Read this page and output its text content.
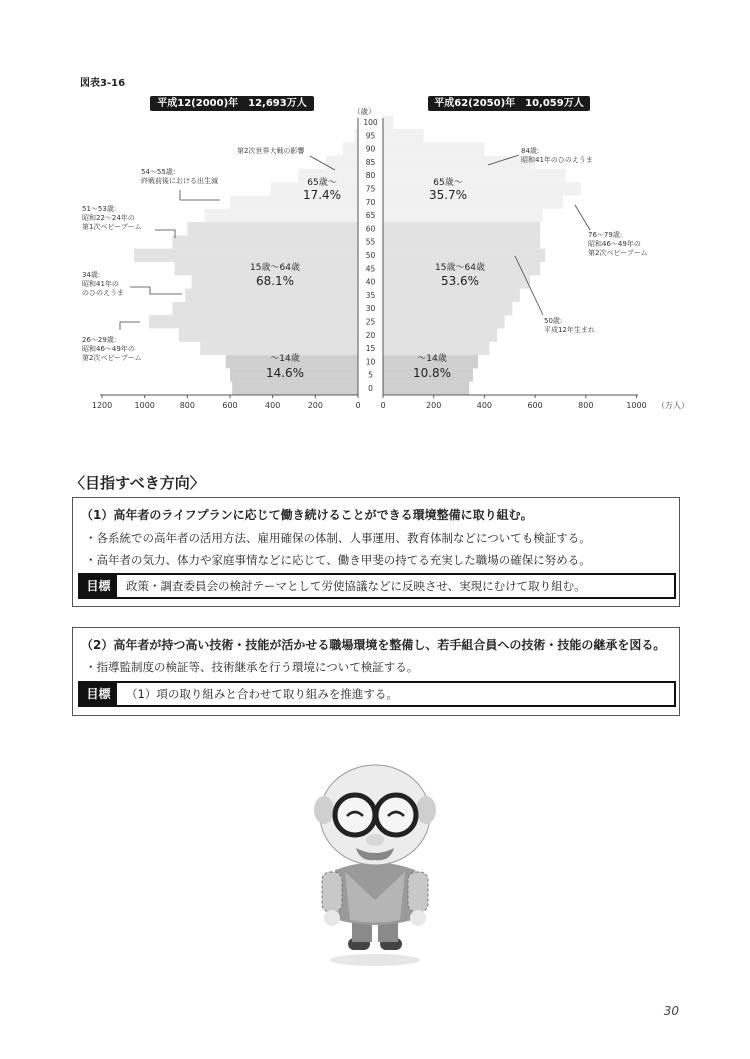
図表3-16
平成12(2000)年　12,693万人	平成62(2050)年　10,059万人
0
5
10
15
20
25
30
35
40
45
50
55
60
65
70
75
80
85
90
95
100
（歳）
1200	1000	800	600	400	200	0 0	200	400	600	800	1000 （万人）
65歳〜
17.4%
15歳〜64歳
68.1%
〜14歳
14.6%
65歳〜
35.7%
15歳〜64歳
53.6%
〜14歳
10.8%
第2次世界大戦の影響
54〜55歳:
終戦前後における出生減
51〜53歳:
昭和22〜24年の
第1次ベビーブーム
34歳:
昭和41年の
のひのえうま
26〜29歳:
昭和46〜49年の
第2次ベビーブーム
84歳:
昭和41年のひのえうま
76〜79歳:
昭和46〜49年の
第2次ベビーブーム
50歳:
平成12年生まれ
〈目指すべき方向〉
（1）高年者のライフプランに応じて働き続けることができる環境整備に取り組む。
・各系統での高年者の活用方法、雇用確保の体制、人事運用、教育体制などについても検証する。
・高年者の気力、体力や家庭事情などに応じて、働き甲斐の持てる充実した職場の確保に努める。
目標	政策・調査委員会の検討テーマとして労使協議などに反映させ、実現にむけて取り組む。
（2）高年者が持つ高い技術・技能が活かせる職場環境を整備し、若手組合員への技術・技能の継承を図る。
・指導監制度の検証等、技術継承を行う環境について検証する。
目標	（1）項の取り組みと合わせて取り組みを推進する。
30
